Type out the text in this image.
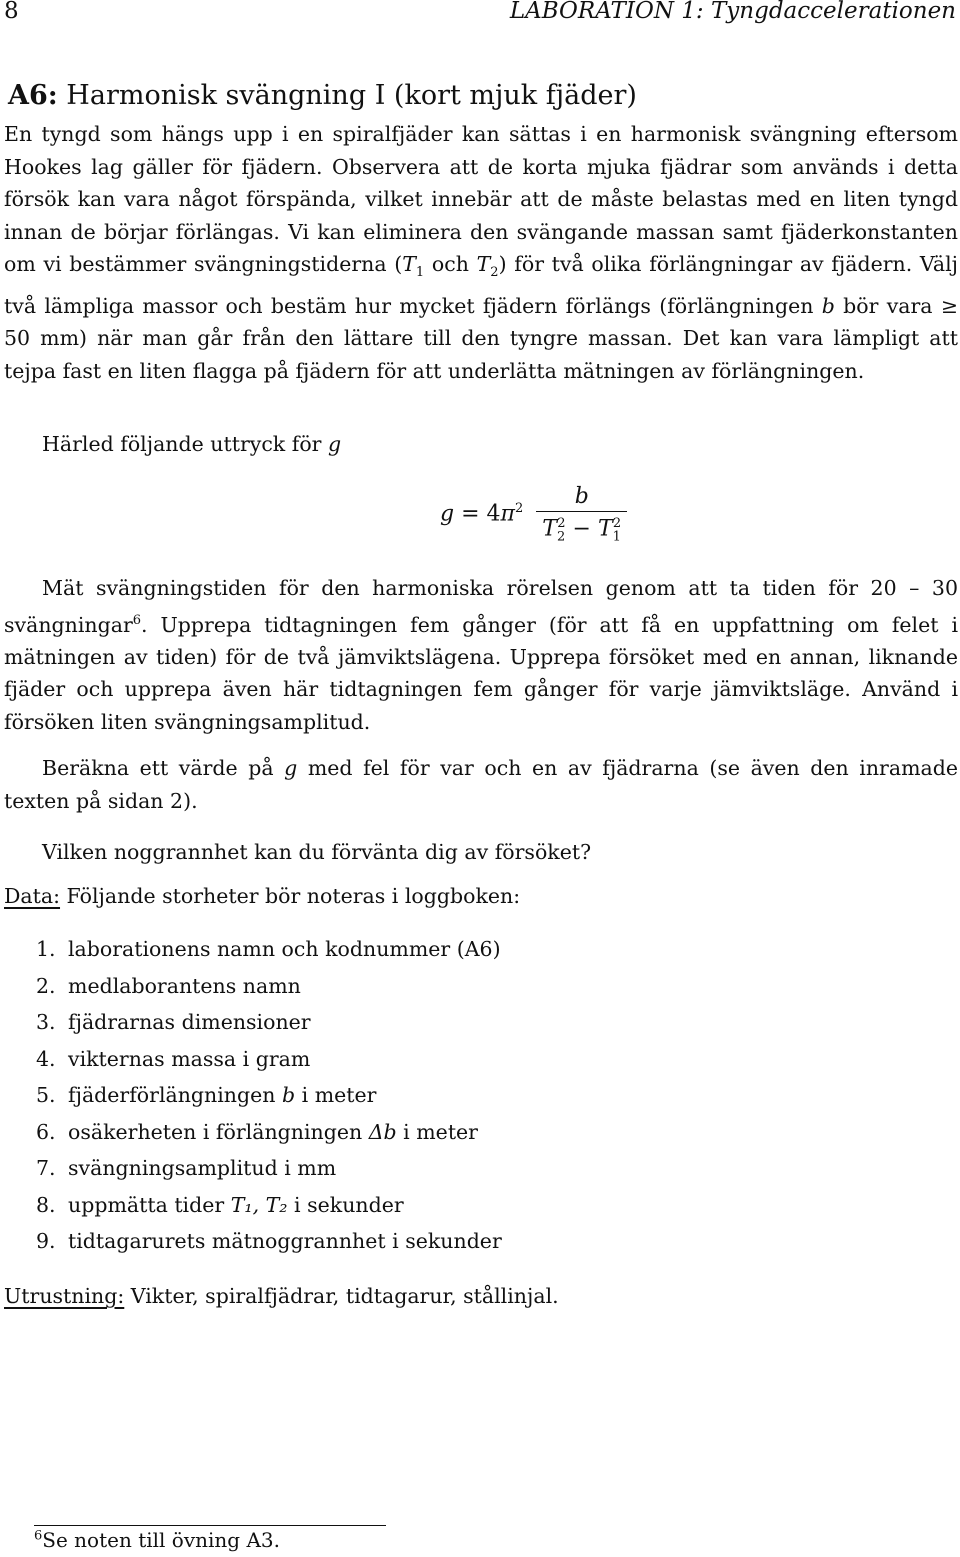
8	LABORATION 1: Tyngdaccelerationen
A6: Harmonisk svängning I (kort mjuk fjäder)
En tyngd som hängs upp i en spiralfjäder kan sättas i en harmonisk svängning eftersom Hookes lag gäller för fjädern. Observera att de korta mjuka fjädrar som används i detta försök kan vara något förspända, vilket innebär att de måste belastas med en liten tyngd innan de börjar förlängas. Vi kan eliminera den svängande massan samt fjäderkonstanten om vi bestämmer svängningstiderna ($T_1$ och $T_2$) för två olika förlängningar av fjädern. Välj två lämpliga massor och bestäm hur mycket fjädern förlängs (förlängningen b bör vara ≥ 50 mm) när man går från den lättare till den tyngre massan. Det kan vara lämpligt att tejpa fast en liten flagga på fjädern för att underlätta mätningen av förlängningen.
Härled följande uttryck för g
$g = 4\pi^2 \frac{b}{T_2^2 - T_1^2}$
Mät svängningstiden för den harmoniska rörelsen genom att ta tiden för 20 – 30 svängningar$^6$. Upprepa tidtagningen fem gånger (för att få en uppfattning om felet i mätningen av tiden) för de två jämviktslägena. Upprepa försöket med en annan, liknande fjäder och upprepa även här tidtagningen fem gånger för varje jämviktsläge. Använd i försöken liten svängningsamplitud.
Beräkna ett värde på g med fel för var och en av fjädrarna (se även den inramade texten på sidan 2).
Vilken noggrannhet kan du förvänta dig av försöket?
Data: Följande storheter bör noteras i loggboken:
1. laborationens namn och kodnummer (A6)
2. medlaborantens namn
3. fjädrarnas dimensioner
4. vikternas massa i gram
5. fjäderförlängningen b i meter
6. osäkerheten i förlängningen Δb i meter
7. svängningsamplitud i mm
8. uppmätta tider T₁, T₂ i sekunder
9. tidtagarurets mätnoggrannhet i sekunder
Utrustning: Vikter, spiralfjädrar, tidtagarur, stållinjal.
$^6$Se noten till övning A3.
